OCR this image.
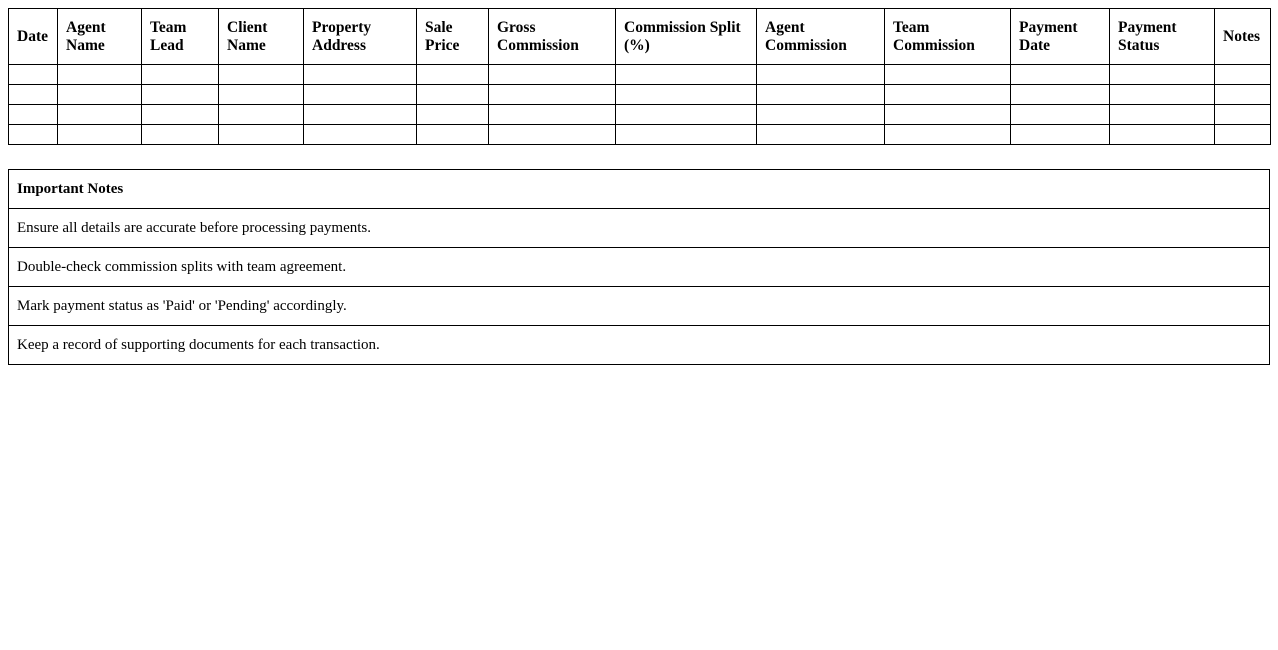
Date	Agent Name	Team Lead	Client Name	Property Address	Sale Price	Gross Commission	Commission Split (%)	Agent Commission	Team Commission	Payment Date	Payment Status	Notes

Important Notes
Ensure all details are accurate before processing payments.
Double-check commission splits with team agreement.
Mark payment status as 'Paid' or 'Pending' accordingly.
Keep a record of supporting documents for each transaction.
